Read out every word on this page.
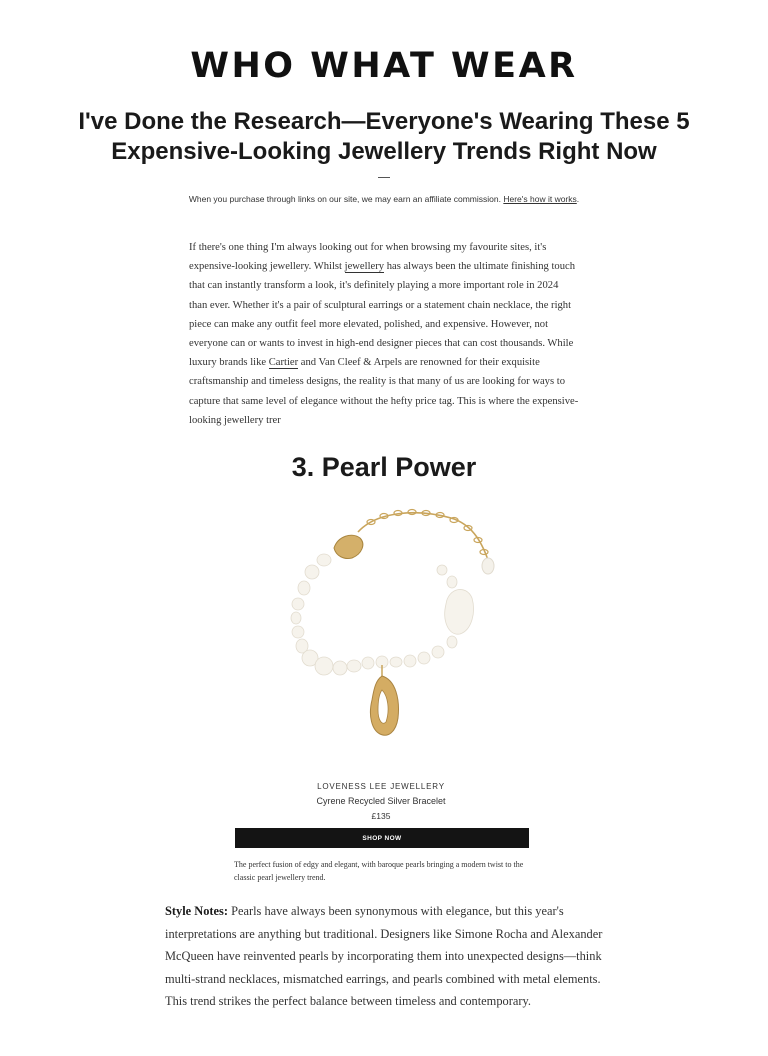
WHO WHAT WEAR
I've Done the Research—Everyone's Wearing These 5
Expensive-Looking Jewellery Trends Right Now

When you purchase through links on our site, we may earn an affiliate commission. Here's how it works.

If there's one thing I'm always looking out for when browsing my favourite sites, it's expensive-looking jewellery. Whilst jewellery has always been the ultimate finishing touch that can instantly transform a look, it's definitely playing a more important role in 2024 than ever. Whether it's a pair of sculptural earrings or a statement chain necklace, the right piece can make any outfit feel more elevated, polished, and expensive. However, not everyone can or wants to invest in high-end designer pieces that can cost thousands. While luxury brands like Cartier and Van Cleef & Arpels are renowned for their exquisite craftsmanship and timeless designs, the reality is that many of us are looking for ways to capture that same level of elegance without the hefty price tag. This is where the expensive-looking jewellery trer

3. Pearl Power
LOVENESS LEE JEWELLERY
Cyrene Recycled Silver Bracelet
£135
SHOP NOW

The perfect fusion of edgy and elegant, with baroque pearls bringing a modern twist to the classic pearl jewellery trend.

Style Notes: Pearls have always been synonymous with elegance, but this year's interpretations are anything but traditional. Designers like Simone Rocha and Alexander McQueen have reinvented pearls by incorporating them into unexpected designs—think multi-strand necklaces, mismatched earrings, and pearls combined with metal elements. This trend strikes the perfect balance between timeless and contemporary.
